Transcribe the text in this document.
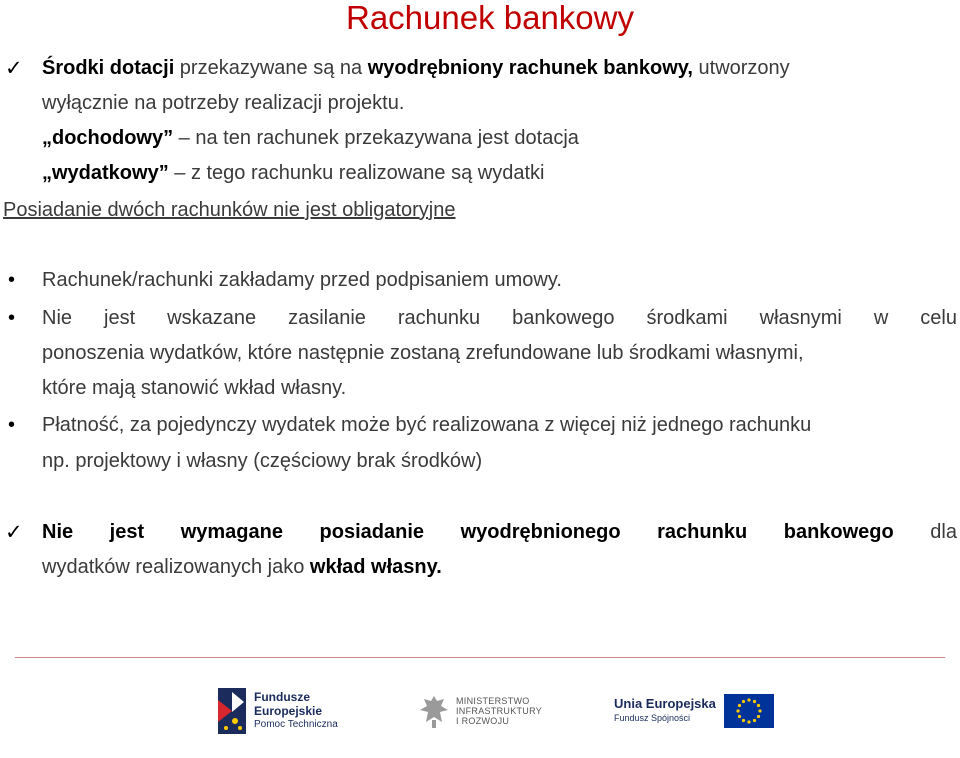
Rachunek bankowy
✓ Środki dotacji przekazywane są na wyodrębniony rachunek bankowy, utworzony
wyłącznie na potrzeby realizacji projektu.
„dochodowy” – na ten rachunek przekazywana jest dotacja
„wydatkowy” – z tego rachunku realizowane są wydatki
Posiadanie dwóch rachunków nie jest obligatoryjne
• Rachunek/rachunki zakładamy przed podpisaniem umowy.
• Nie jest wskazane zasilanie rachunku bankowego środkami własnymi w celu
ponoszenia wydatków, które następnie zostaną zrefundowane lub środkami własnymi,
które mają stanowić wkład własny.
• Płatność, za pojedynczy wydatek może być realizowana z więcej niż jednego rachunku
np. projektowy i własny (częściowy brak środków)
✓ Nie jest wymagane posiadanie wyodrębnionego rachunku bankowego dla
wydatków realizowanych jako wkład własny.
Fundusze
Europejskie
Pomoc Techniczna
MINISTERSTWO
INFRASTRUKTURY
I ROZWOJU
Unia Europejska
Fundusz Spójności
